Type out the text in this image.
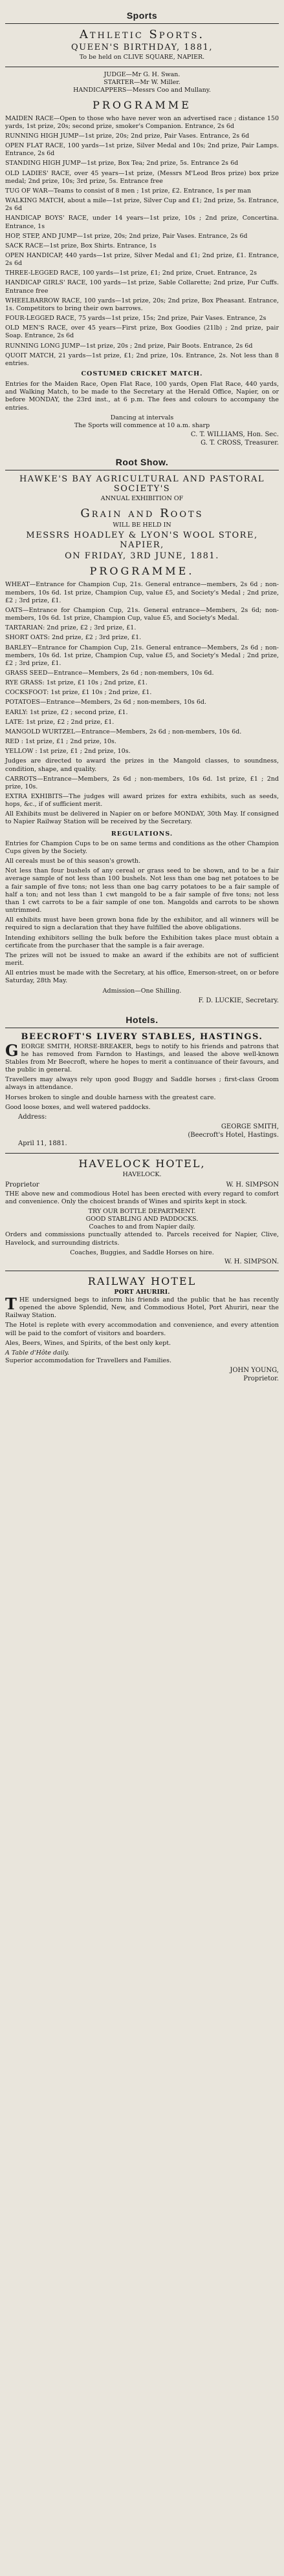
Sports
Athletic Sports.
QUEEN'S BIRTHDAY, 1881,
To be held on CLIVE SQUARE, NAPIER.
JUDGE—Mr G. H. Swan.
STARTER—Mr W. Miller.
HANDICAPPERS—Messrs Coo and Mullany.
PROGRAMME

MAIDEN RACE—Open to those who have never won an advertised race ; distance 150 yards, 1st prize, 20s; second prize, smoker's Companion. Entrance, 2s 6d

RUNNING HIGH JUMP—1st prize, 20s; 2nd prize, Pair Vases. Entrance, 2s 6d

OPEN FLAT RACE, 100 yards—1st prize, Silver Medal and 10s; 2nd prize, Pair Lamps. Entrance, 2s 6d

STANDING HIGH JUMP—1st prize, Box Tea; 2nd prize, 5s. Entrance 2s 6d

OLD LADIES' RACE, over 45 years—1st prize, (Messrs M'Leod Bros prize) box prize medal; 2nd prize, 10s; 3rd prize, 5s. Entrance free

TUG OF WAR—Teams to consist of 8 men ; 1st prize, £2. Entrance, 1s per man

WALKING MATCH, about a mile—1st prize, Silver Cup and £1; 2nd prize, 5s. Entrance, 2s 6d

HANDICAP BOYS' RACE, under 14 years—1st prize, 10s ; 2nd prize, Concertina. Entrance, 1s

HOP, STEP, AND JUMP—1st prize, 20s; 2nd prize, Pair Vases. Entrance, 2s 6d

SACK RACE—1st prize, Box Shirts. Entrance, 1s

OPEN HANDICAP, 440 yards—1st prize, Silver Medal and £1; 2nd prize, £1. Entrance, 2s 6d

THREE-LEGGED RACE, 100 yards—1st prize, £1; 2nd prize, Cruet. Entrance, 2s

HANDICAP GIRLS' RACE, 100 yards—1st prize, Sable Collarette; 2nd prize, Fur Cuffs. Entrance free

WHEELBARROW RACE, 100 yards—1st prize, 20s; 2nd prize, Box Pheasant. Entrance, 1s. Competitors to bring their own barrows.

FOUR-LEGGED RACE, 75 yards—1st prize, 15s; 2nd prize, Pair Vases. Entrance, 2s

OLD MEN'S RACE, over 45 years—First prize, Box Goodies (21lb) ; 2nd prize, pair Soap. Entrance, 2s 6d

RUNNING LONG JUMP—1st prize, 20s ; 2nd prize, Pair Boots. Entrance, 2s 6d

QUOIT MATCH, 21 yards—1st prize, £1; 2nd prize, 10s. Entrance, 2s. Not less than 8 entries.

COSTUMED CRICKET MATCH.

Entries for the Maiden Race, Open Flat Race, 100 yards, Open Flat Race, 440 yards, and Walking Match, to be made to the Secretary at the Herald Office, Napier, on or before MONDAY, the 23rd inst., at 6 p.m. The fees and colours to accompany the entries.

Dancing at intervals
The Sports will commence at 10 a.m. sharp
C. T. WILLIAMS, Hon. Sec.
G. T. CROSS, Treasurer.
Root Show.
HAWKE'S BAY AGRICULTURAL AND PASTORAL SOCIETY'S
ANNUAL EXHIBITION OF
Grain and Roots
WILL BE HELD IN
MESSRS HOADLEY & LYON'S WOOL STORE, NAPIER,
ON FRIDAY, 3RD JUNE, 1881.
PROGRAMME.

WHEAT—Entrance for Champion Cup, 21s. General entrance—members, 2s 6d ; non-members, 10s 6d. 1st prize, Champion Cup, value £5, and Society's Medal ; 2nd prize, £2 ; 3rd prize, £1.

OATS—Entrance for Champion Cup, 21s. General entrance—Members, 2s 6d; non-members, 10s 6d. 1st prize, Champion Cup, value £5, and Society's Medal.

TARTARIAN: 2nd prize, £2 ; 3rd prize, £1.

SHORT OATS: 2nd prize, £2 ; 3rd prize, £1.

BARLEY—Entrance for Champion Cup, 21s. General entrance—Members, 2s 6d ; non-members, 10s 6d. 1st prize, Champion Cup, value £5, and Society's Medal ; 2nd prize, £2 ; 3rd prize, £1.

GRASS SEED—Entrance—Members, 2s 6d ; non-members, 10s 6d.

RYE GRASS: 1st prize, £1 10s ; 2nd prize, £1.

COCKSFOOT: 1st prize, £1 10s ; 2nd prize, £1.

POTATOES—Entrance—Members, 2s 6d ; non-members, 10s 6d.

EARLY: 1st prize, £2 ; second prize, £1.

LATE: 1st prize, £2 ; 2nd prize, £1.

MANGOLD WURTZEL—Entrance—Members, 2s 6d ; non-members, 10s 6d.

RED : 1st prize, £1 ; 2nd prize, 10s.

YELLOW : 1st prize, £1 ; 2nd prize, 10s.

Judges are directed to award the prizes in the Mangold classes, to soundness, condition, shape, and quality.

CARROTS—Entrance—Members, 2s 6d ; non-members, 10s 6d. 1st prize, £1 ; 2nd prize, 10s.

EXTRA EXHIBITS—The judges will award prizes for extra exhibits, such as seeds, hops, &c., if of sufficient merit.

All Exhibits must be delivered in Napier on or before MONDAY, 30th May. If consigned to Napier Railway Station will be received by the Secretary.

REGULATIONS.

Entries for Champion Cups to be on same terms and conditions as the other Champion Cups given by the Society.

All cereals must be of this season's growth.

Not less than four bushels of any cereal or grass seed to be shown, and to be a fair average sample of not less than 100 bushels. Not less than one bag net potatoes to be a fair sample of five tons; not less than one bag carry potatoes to be a fair sample of half a ton; and not less than 1 cwt mangold to be a fair sample of five tons; not less than 1 cwt carrots to be a fair sample of one ton. Mangolds and carrots to be shown untrimmed.

All exhibits must have been grown bona fide by the exhibitor, and all winners will be required to sign a declaration that they have fulfilled the above obligations.

Intending exhibitors selling the bulk before the Exhibition takes place must obtain a certificate from the purchaser that the sample is a fair average.

The prizes will not be issued to make an award if the exhibits are not of sufficient merit.

All entries must be made with the Secretary, at his office, Emerson-street, on or before Saturday, 28th May.

Admission—One Shilling.
F. D. LUCKIE, Secretary.
Hotels.
BEECROFT'S LIVERY STABLES, HASTINGS.

GEORGE SMITH, HORSE-BREAKER, begs to notify to his friends and patrons that he has removed from Farndon to Hastings, and leased the above well-known Stables from Mr Beecroft, where he hopes to merit a continuance of their favours, and the public in general.

Travellers may always rely upon good Buggy and Saddle horses ; first-class Groom always in attendance.

Horses broken to single and double harness with the greatest care.

Good loose boxes, and well watered paddocks.

Address:
GEORGE SMITH,
(Beecroft's Hotel, Hastings.
April 11, 1881.
HAVELOCK HOTEL,
HAVELOCK.
Proprietor	W. H. SIMPSON

THE above new and commodious Hotel has been erected with every regard to comfort and convenience. Only the choicest brands of Wines and spirits kept in stock.

TRY OUR BOTTLE DEPARTMENT.
GOOD STABLING AND PADDOCKS.
Coaches to and from Napier daily.

Orders and commissions punctually attended to. Parcels received for Napier, Clive, Havelock, and surrounding districts.

Coaches, Buggies, and Saddle Horses on hire.
W. H. SIMPSON.
RAILWAY HOTEL
PORT AHURIRI.

THE undersigned begs to inform his friends and the public that he has recently opened the above Splendid, New, and Commodious Hotel, Port Ahuriri, near the Railway Station.

The Hotel is replete with every accommodation and convenience, and every attention will be paid to the comfort of visitors and boarders.

Ales, Beers, Wines, and Spirits, of the best only kept.

A Table d'Hôte daily.

Superior accommodation for Travellers and Families.

JOHN YOUNG,
Proprietor.
